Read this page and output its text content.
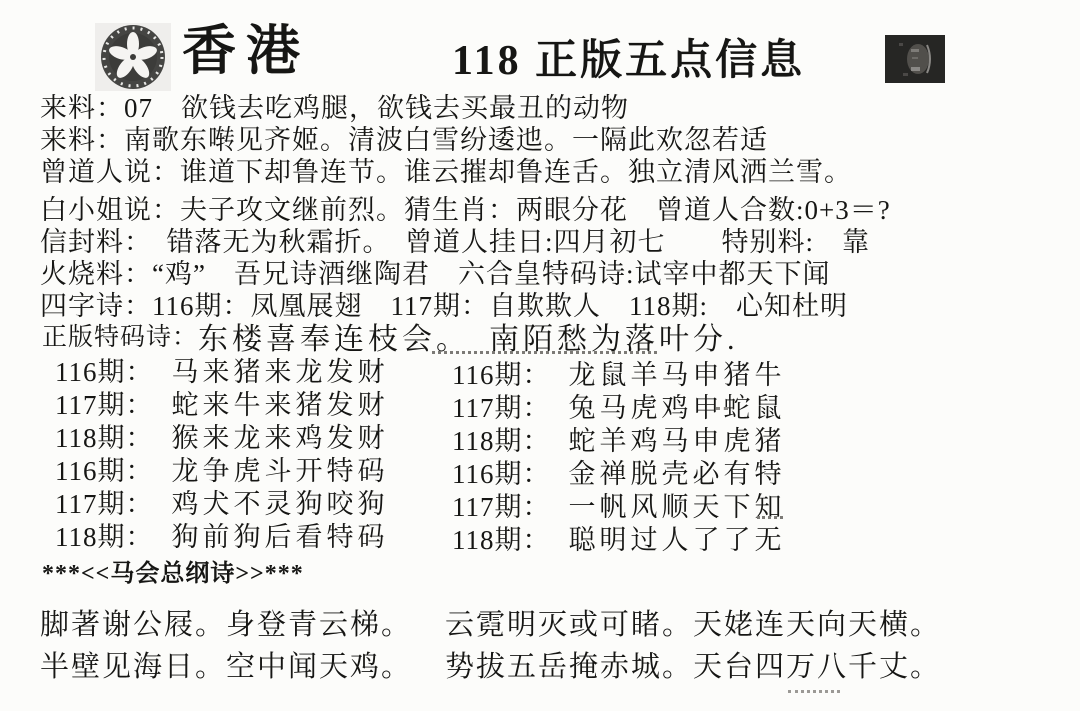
香港	118 正版五点信息
来料：07　欲钱去吃鸡腿，欲钱去买最丑的动物
来料：南歌东啭见齐姬。清波白雪纷逶迆。一隔此欢忽若适
曾道人说：谁道下却鲁连节。谁云摧却鲁连舌。独立清风洒兰雪。
白小姐说：夫子攻文继前烈。猜生肖：两眼分花　曾道人合数:0+3＝?
信封料：　错落无为秋霜折。　曾道人挂日:四月初七　　特别料:　靠
火烧料：“鸡”　吾兄诗酒继陶君　六合皇特码诗:试宰中都天下闻
四字诗：116期：凤凰展翅　117期：自欺欺人　118期:　心知杜明
正版特码诗：东楼喜奉连枝会。　南陌愁为落叶分.
116期： 马来猪来龙发财
117期： 蛇来牛来猪发财
118期： 猴来龙来鸡发财
116期： 龙争虎斗开特码
117期： 鸡犬不灵狗咬狗
118期： 狗前狗后看特码
116期： 龙鼠羊马申猪牛
117期： 兔马虎鸡申蛇鼠
118期： 蛇羊鸡马申虎猪
116期： 金禅脱壳必有特
117期： 一帆风顺天下知
118期： 聪明过人了了无
***<<马会总纲诗>>***
脚著谢公屐。身登青云梯。 云霓明灭或可睹。天姥连天向天横。
半壁见海日。空中闻天鸡。 势拔五岳掩赤城。天台四万八千丈。
